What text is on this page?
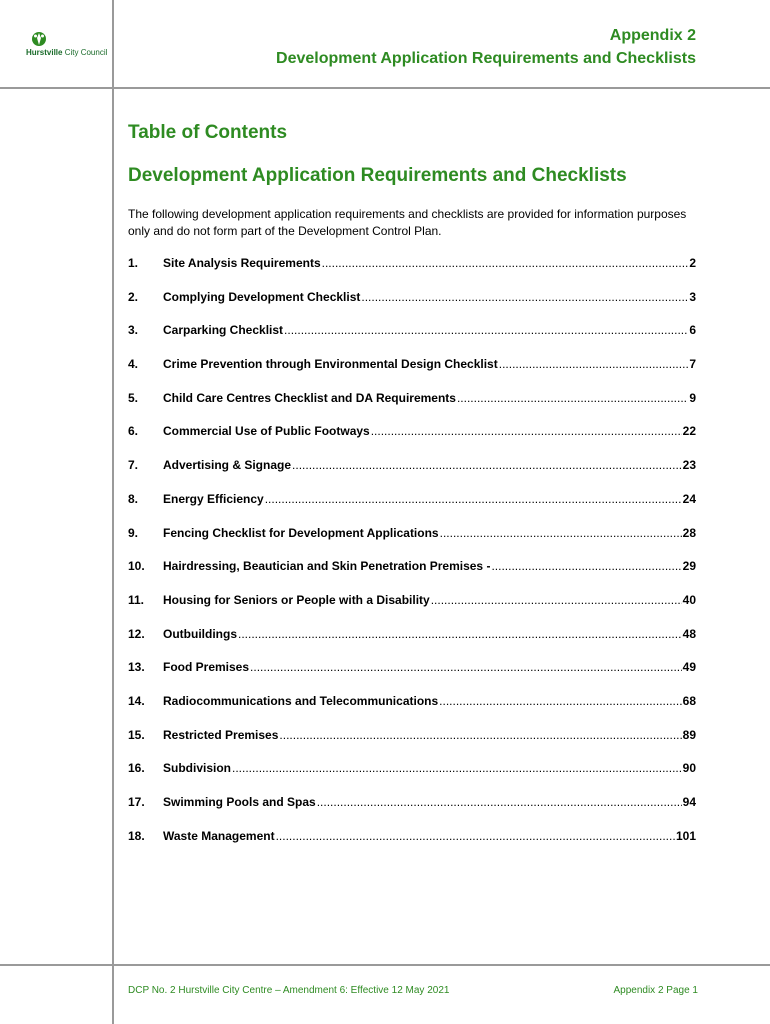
Hurstville City Council
Appendix 2
Development Application Requirements and Checklists
Table of Contents
Development Application Requirements and Checklists
The following development application requirements and checklists are provided for information purposes only and do not form part of the Development Control Plan.
1.	Site Analysis Requirements .....	2
2.	Complying Development Checklist .....	3
3.	Carparking Checklist .....	6
4.	Crime Prevention through Environmental Design Checklist .....	7
5.	Child Care Centres Checklist and DA Requirements .....	9
6.	Commercial Use of Public Footways .....	22
7.	Advertising & Signage .....	23
8.	Energy Efficiency .....	24
9.	Fencing Checklist for Development Applications .....	28
10.	Hairdressing, Beautician and Skin Penetration Premises - .....	29
11.	Housing for Seniors or People with a Disability .....	40
12.	Outbuildings .....	48
13.	Food Premises .....	49
14.	Radiocommunications and Telecommunications .....	68
15.	Restricted Premises .....	89
16.	Subdivision .....	90
17.	Swimming Pools and Spas .....	94
18.	Waste Management .....	101
DCP No. 2 Hurstville City Centre – Amendment 6: Effective 12 May 2021	Appendix 2 Page 1
